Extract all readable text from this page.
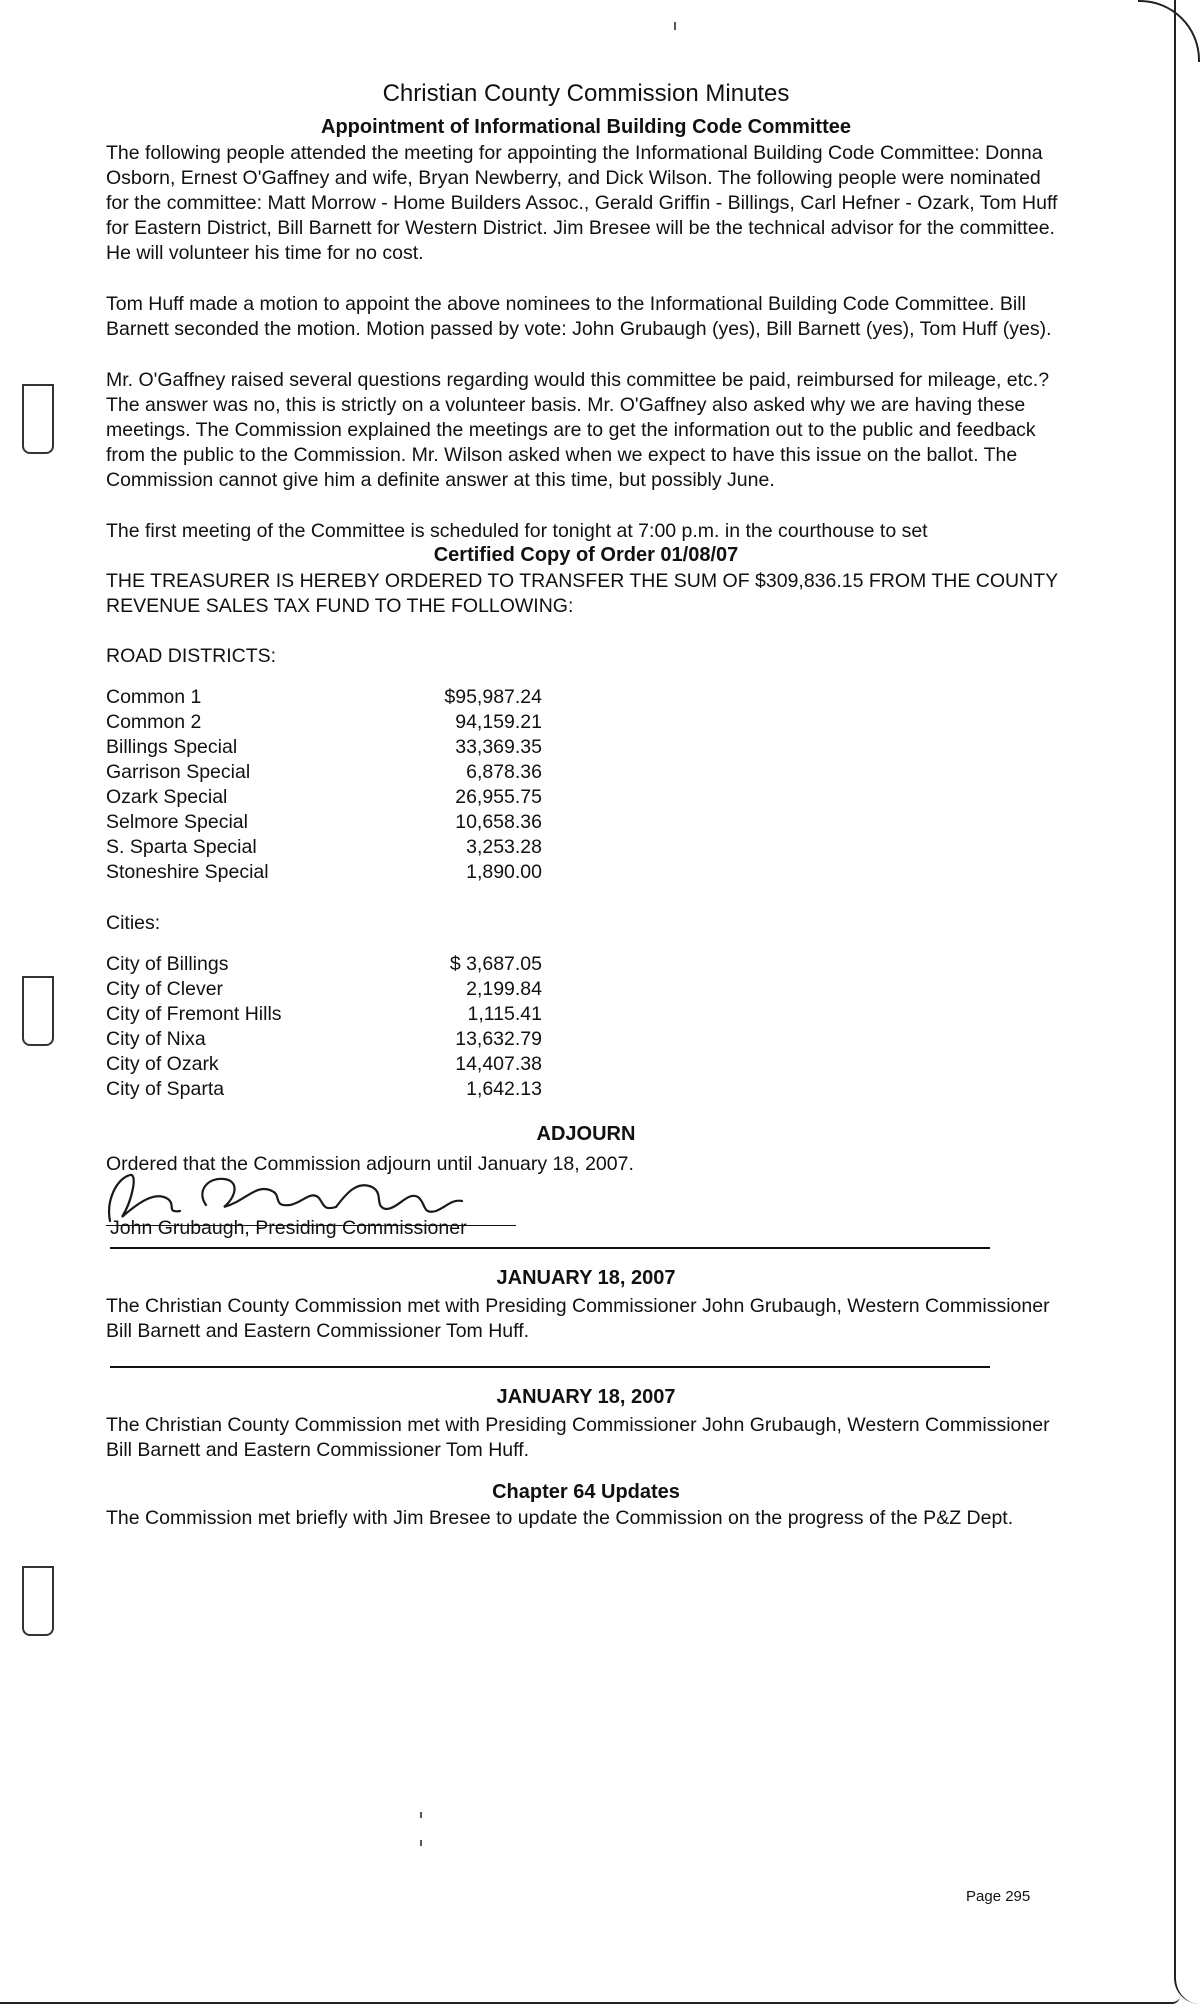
Christian County Commission Minutes
Appointment of Informational Building Code Committee

The following people attended the meeting for appointing the Informational Building Code Committee: Donna Osborn, Ernest O'Gaffney and wife, Bryan Newberry, and Dick Wilson. The following people were nominated for the committee: Matt Morrow - Home Builders Assoc., Gerald Griffin - Billings, Carl Hefner - Ozark, Tom Huff for Eastern District, Bill Barnett for Western District. Jim Bresee will be the technical advisor for the committee. He will volunteer his time for no cost.

Tom Huff made a motion to appoint the above nominees to the Informational Building Code Committee. Bill Barnett seconded the motion. Motion passed by vote: John Grubaugh (yes), Bill Barnett (yes), Tom Huff (yes).

Mr. O'Gaffney raised several questions regarding would this committee be paid, reimbursed for mileage, etc.? The answer was no, this is strictly on a volunteer basis. Mr. O'Gaffney also asked why we are having these meetings. The Commission explained the meetings are to get the information out to the public and feedback from the public to the Commission. Mr. Wilson asked when we expect to have this issue on the ballot. The Commission cannot give him a definite answer at this time, but possibly June.

The first meeting of the Committee is scheduled for tonight at 7:00 p.m. in the courthouse to set

Certified Copy of Order 01/08/07
THE TREASURER IS HEREBY ORDERED TO TRANSFER THE SUM OF $309,836.15 FROM THE COUNTY REVENUE SALES TAX FUND TO THE FOLLOWING:
ROAD DISTRICTS:
Common 1	$95,987.24
Common 2	94,159.21
Billings Special	33,369.35
Garrison Special	6,878.36
Ozark Special	26,955.75
Selmore Special	10,658.36
S. Sparta Special	3,253.28
Stoneshire Special	1,890.00
Cities:
City of Billings	$ 3,687.05
City of Clever	2,199.84
City of Fremont Hills	1,115.41
City of Nixa	13,632.79
City of Ozark	14,407.38
City of Sparta	1,642.13
ADJOURN
Ordered that the Commission adjourn until January 18, 2007.
John Grubaugh, Presiding Commissioner
JANUARY 18, 2007

The Christian County Commission met with Presiding Commissioner John Grubaugh, Western Commissioner Bill Barnett and Eastern Commissioner Tom Huff.

JANUARY 18, 2007

The Christian County Commission met with Presiding Commissioner John Grubaugh, Western Commissioner Bill Barnett and Eastern Commissioner Tom Huff.

Chapter 64 Updates

The Commission met briefly with Jim Bresee to update the Commission on the progress of the P&Z Dept.

Page 295
